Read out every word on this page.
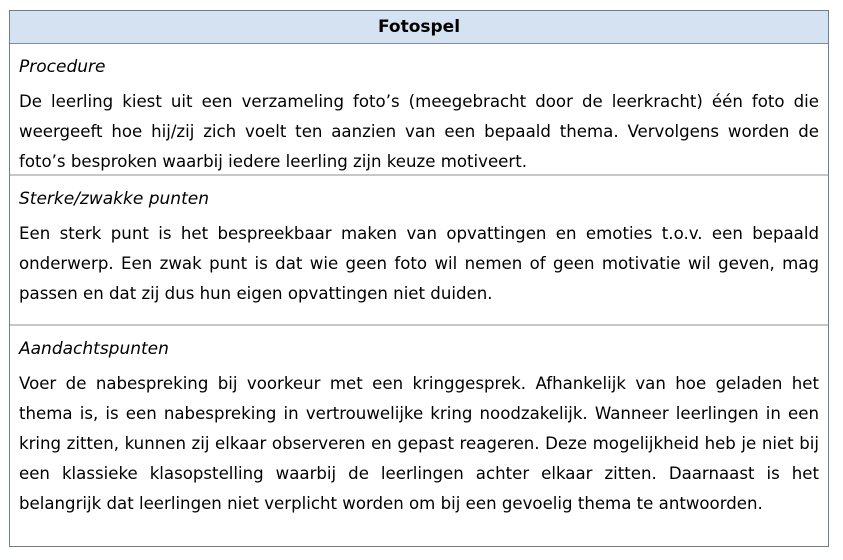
Fotospel
Procedure

De leerling kiest uit een verzameling foto’s (meegebracht door de leerkracht) één foto die weergeeft hoe hij/zij zich voelt ten aanzien van een bepaald thema. Vervolgens worden de foto’s besproken waarbij iedere leerling zijn keuze motiveert.

Sterke/zwakke punten

Een sterk punt is het bespreekbaar maken van opvattingen en emoties t.o.v. een bepaald onderwerp. Een zwak punt is dat wie geen foto wil nemen of geen motivatie wil geven, mag passen en dat zij dus hun eigen opvattingen niet duiden.

Aandachtspunten

Voer de nabespreking bij voorkeur met een kringgesprek. Afhankelijk van hoe geladen het thema is, is een nabespreking in vertrouwelijke kring noodzakelijk. Wanneer leerlingen in een kring zitten, kunnen zij elkaar observeren en gepast reageren. Deze mogelijkheid heb je niet bij een klassieke klasopstelling waarbij de leerlingen achter elkaar zitten. Daarnaast is het belangrijk dat leerlingen niet verplicht worden om bij een gevoelig thema te antwoorden.
